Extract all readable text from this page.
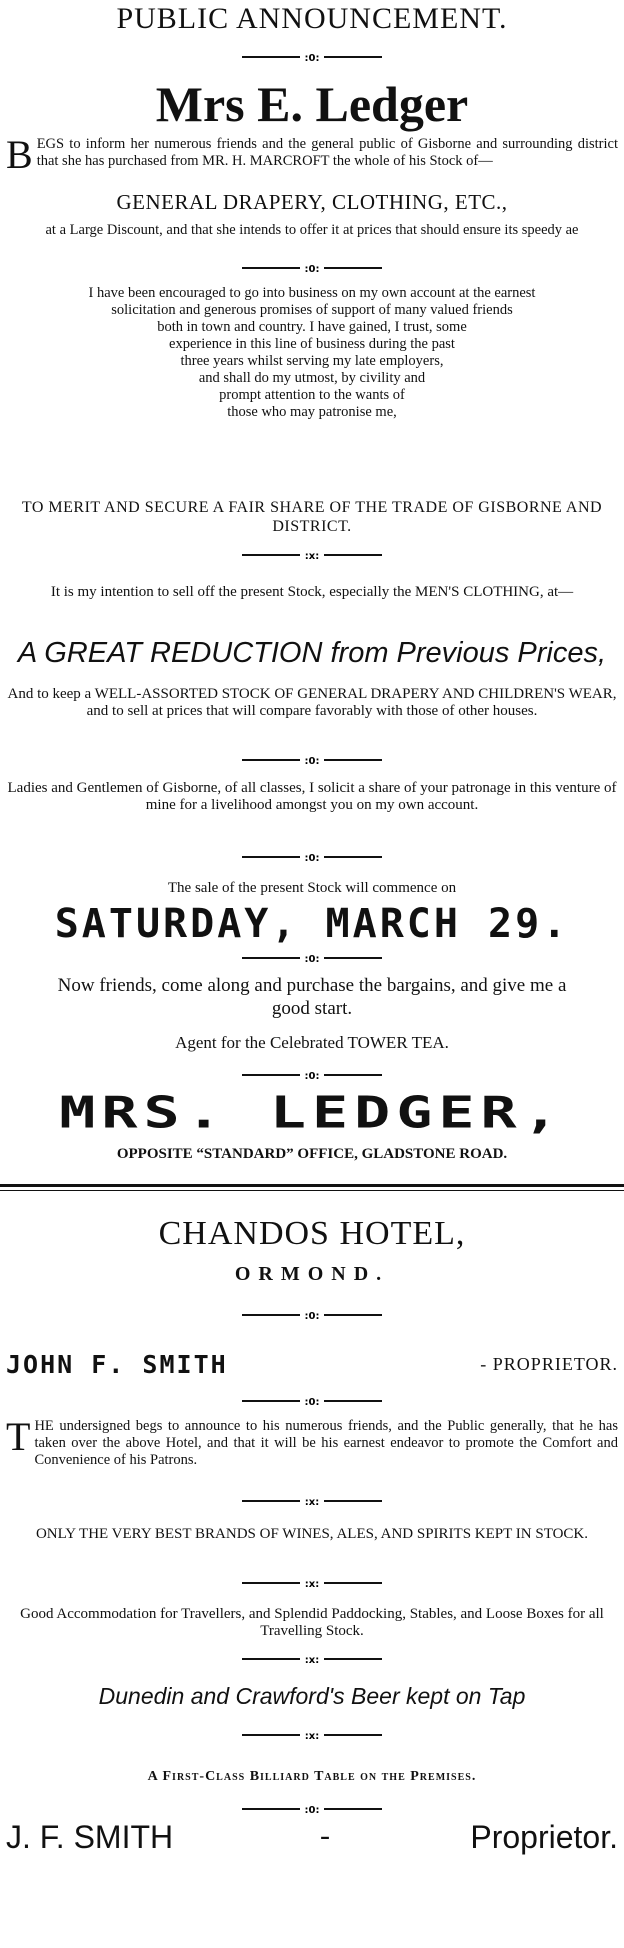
PUBLIC ANNOUNCEMENT.
:0:
Mrs E. Ledger
BEGS to inform her numerous friends and the general public of Gisborne and surrounding district that she has purchased from MR. H. MARCROFT the whole of his Stock of—
GENERAL DRAPERY, CLOTHING, ETC.,
at a Large Discount, and that she intends to offer it at prices that should ensure its speedy ae
:0:
I have been encouraged to go into business on my own account at the earnest
solicitation and generous promises of support of many valued friends
both in town and country. I have gained, I trust, some
experience in this line of business during the past
three years whilst serving my late employers,
and shall do my utmost, by civility and
prompt attention to the wants of
those who may patronise me,
TO MERIT AND SECURE A FAIR SHARE OF THE TRADE OF GISBORNE AND DISTRICT.
:x:
It is my intention to sell off the present Stock, especially the MEN'S CLOTHING, at—
A GREAT REDUCTION from Previous Prices,
And to keep a WELL-ASSORTED STOCK OF GENERAL DRAPERY AND CHILDREN'S WEAR, and to sell at prices that will compare favorably with those of other houses.
:0:
Ladies and Gentlemen of Gisborne, of all classes, I solicit a share of your patronage in this venture of mine for a livelihood amongst you on my own account.
:0:
The sale of the present Stock will commence on
SATURDAY, MARCH 29.
:0:
Now friends, come along and purchase the bargains, and give me a good start.
Agent for the Celebrated TOWER TEA.
:0:
MRS. LEDGER,
OPPOSITE “STANDARD” OFFICE, GLADSTONE ROAD.
CHANDOS HOTEL,
ORMOND.
:0:
JOHN F. SMITH	- PROPRIETOR.
:0:
THE undersigned begs to announce to his numerous friends, and the Public generally, that he has taken over the above Hotel, and that it will be his earnest endeavor to promote the Comfort and Convenience of his Patrons.
:x:
ONLY THE VERY BEST BRANDS OF WINES, ALES, AND SPIRITS KEPT IN STOCK.
:x:
Good Accommodation for Travellers, and Splendid Paddocking, Stables, and Loose Boxes for all Travelling Stock.
:x:
Dunedin and Crawford's Beer kept on Tap
:x:
A First-Class Billiard Table on the Premises.
:0:
J. F. SMITH	-	Proprietor.
